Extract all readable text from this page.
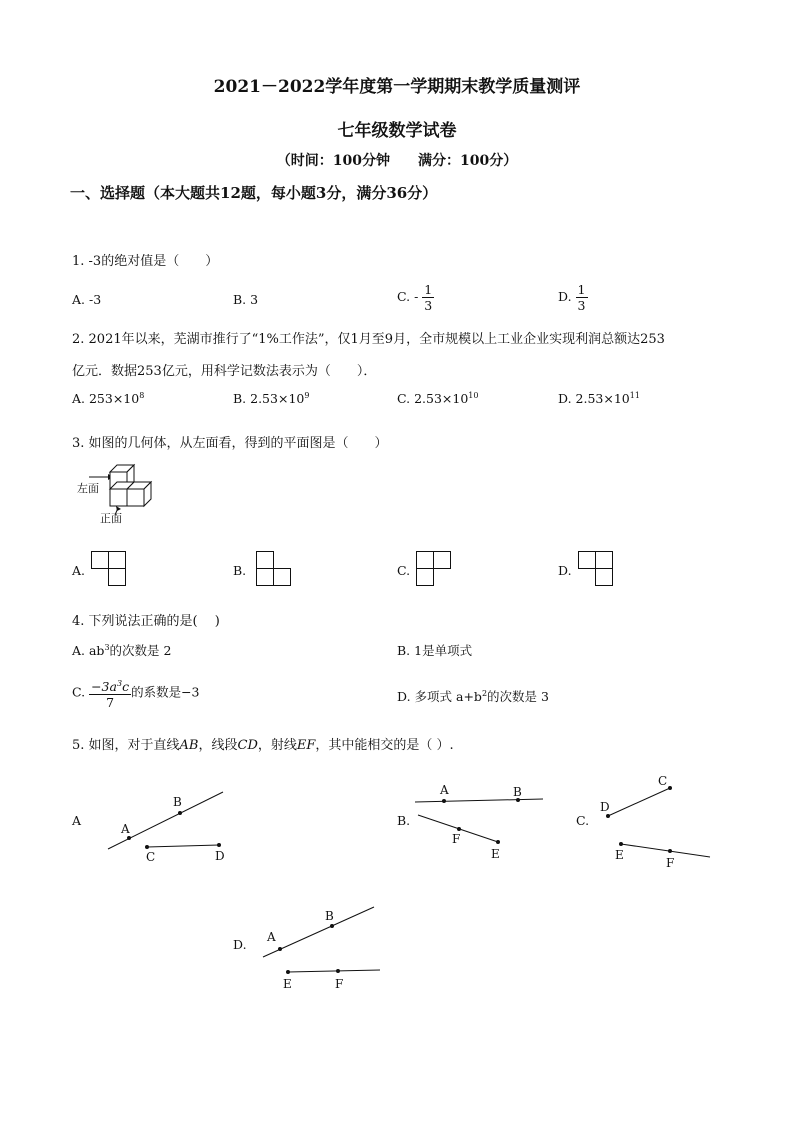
2021－2022学年度第一学期期末教学质量测评
七年级数学试卷
（时间：100分钟　　满分：100分）
一、选择题（本大题共12题，每小题3分，满分36分）
1. -3的绝对值是（　　）
A. -3	B. 3	C. - $\frac{1}{3}$	D. $\frac{1}{3}$
2. 2021年以来，芜湖市推行了“1%工作法”，仅1月至9月，全市规模以上工业企业实现利润总额达253
亿元．数据253亿元，用科学记数法表示为（　　）．
A. $253\times 10^8$	B. $2.53\times 10^9$	C. $2.53\times 10^{10}$	D. $2.53\times 10^{11}$
3. 如图的几何体，从左面看，得到的平面图是（　　）
左面
正面
A.	B.	C.	D.
4. 下列说法正确的是(　 )
A. $ab^3$的次数是 2	B. 1是单项式
C. $\frac{-3a^3c}{7}$ 的系数是−3	D. 多项式 $a+b^2$的次数是 3
5. 如图，对于直线AB，线段CD，射线EF，其中能相交的是（ ）.
A
A
B
C	D
B.
A	B
F
E
C.
D
C
E
F
D. A
B
E	F
